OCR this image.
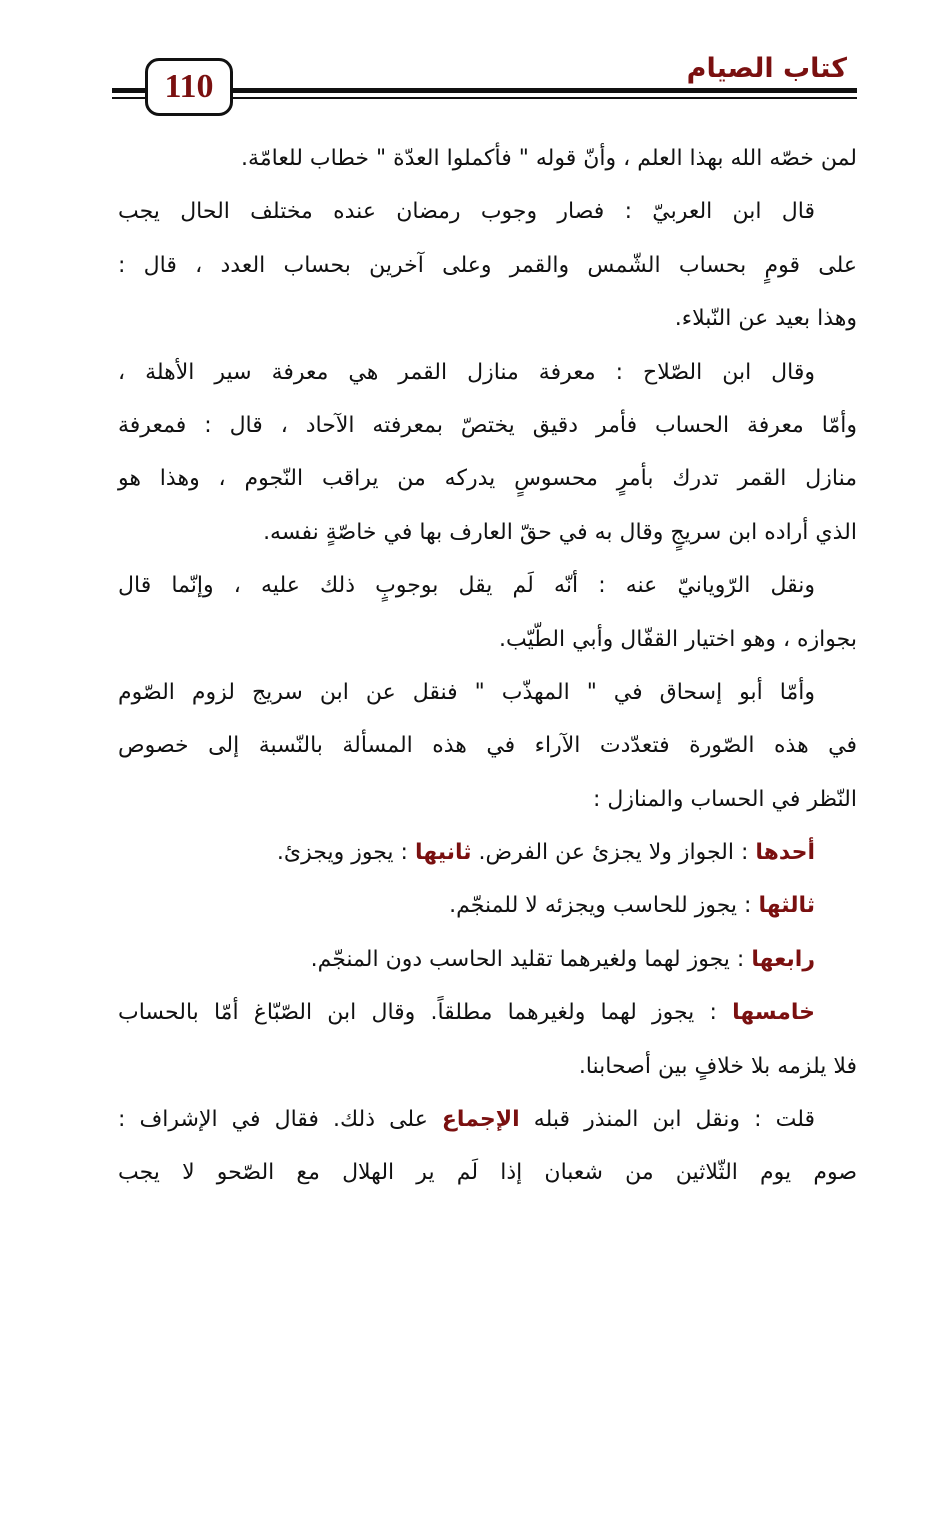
110	كتاب الصيام
لمن خصّه الله بهذا العلم ، وأنّ قوله " فأكملوا العدّة " خطاب للعامّة.
قال ابن العربيّ : فصار وجوب رمضان عنده مختلف الحال يجب
على قومٍ بحساب الشّمس والقمر وعلى آخرين بحساب العدد ، قال :
وهذا بعيد عن النّبلاء.
وقال ابن الصّلاح : معرفة منازل القمر هي معرفة سير الأهلة ،
وأمّا معرفة الحساب فأمر دقيق يختصّ بمعرفته الآحاد ، قال : فمعرفة
منازل القمر تدرك بأمرٍ محسوسٍ يدركه من يراقب النّجوم ، وهذا هو
الذي أراده ابن سريجٍ وقال به في حقّ العارف بها في خاصّةٍ نفسه.
ونقل الرّويانيّ عنه : أنّه لَم يقل بوجوبٍ ذلك عليه ، وإنّما قال
بجوازه ، وهو اختيار القفّال وأبي الطّيّب.
وأمّا أبو إسحاق في " المهذّب " فنقل عن ابن سريج لزوم الصّوم
في هذه الصّورة فتعدّدت الآراء في هذه المسألة بالنّسبة إلى خصوص
النّظر في الحساب والمنازل :
أحدها : الجواز ولا يجزئ عن الفرض. ثانيها : يجوز ويجزئ.
ثالثها : يجوز للحاسب ويجزئه لا للمنجّم.
رابعها : يجوز لهما ولغيرهما تقليد الحاسب دون المنجّم.
خامسها : يجوز لهما ولغيرهما مطلقاً. وقال ابن الصّبّاغ أمّا بالحساب
فلا يلزمه بلا خلافٍ بين أصحابنا.
قلت : ونقل ابن المنذر قبله الإجماع على ذلك. فقال في الإشراف :
صوم يوم الثّلاثين من شعبان إذا لَم ير الهلال مع الصّحو لا يجب
